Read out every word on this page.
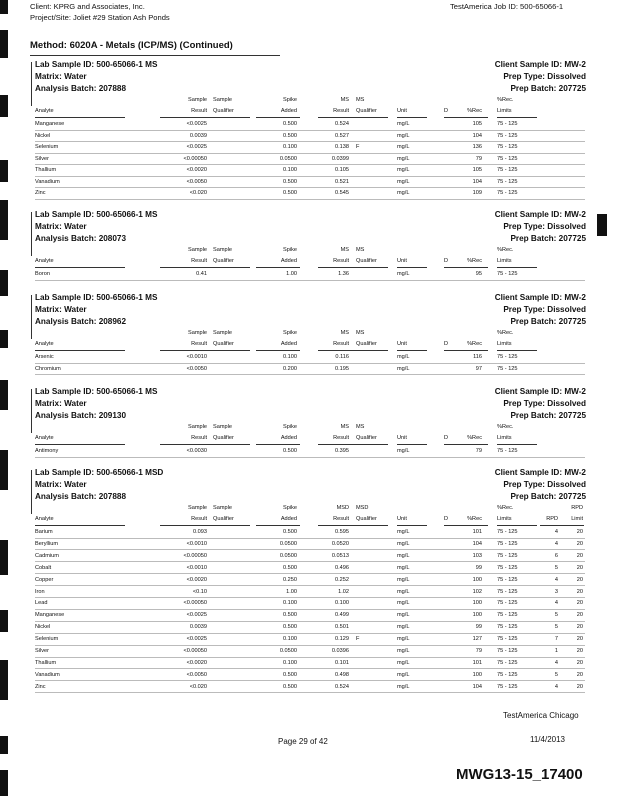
Client: KPRG and Associates, Inc.
Project/Site: Joliet #29 Station Ash Ponds
TestAmerica Job ID: 500-65066-1
Method: 6020A - Metals (ICP/MS) (Continued)
Lab Sample ID: 500-65066-1 MS
Matrix: Water
Analysis Batch: 207888
Client Sample ID: MW-2
Prep Type: Dissolved
Prep Batch: 207725
Sample Sample	Spike	MS MS	%Rec.
Analyte	Result Qualifier	Added	Result Qualifier	Unit	D	%Rec	Limits
Manganese	<0.0025	0.500	0.524	mg/L	105	75 - 125
Nickel	0.0039	0.500	0.527	mg/L	104	75 - 125
Selenium	<0.0025	0.100	0.138 F	mg/L	136	75 - 125
Silver	<0.00050	0.0500	0.0399	mg/L	79	75 - 125
Thallium	<0.0020	0.100	0.105	mg/L	105	75 - 125
Vanadium	<0.0050	0.500	0.521	mg/L	104	75 - 125
Zinc	<0.020	0.500	0.545	mg/L	109	75 - 125
Lab Sample ID: 500-65066-1 MS
Matrix: Water
Analysis Batch: 208073
Client Sample ID: MW-2
Prep Type: Dissolved
Prep Batch: 207725
Sample Sample	Spike	MS MS	%Rec.
Analyte	Result Qualifier	Added	Result Qualifier	Unit	D	%Rec	Limits
Boron	0.41	1.00	1.36	mg/L	95	75 - 125
Lab Sample ID: 500-65066-1 MS
Matrix: Water
Analysis Batch: 208962
Client Sample ID: MW-2
Prep Type: Dissolved
Prep Batch: 207725
Sample Sample	Spike	MS MS	%Rec.
Analyte	Result Qualifier	Added	Result Qualifier	Unit	D	%Rec	Limits
Arsenic	<0.0010	0.100	0.116	mg/L	116	75 - 125
Chromium	<0.0050	0.200	0.195	mg/L	97	75 - 125
Lab Sample ID: 500-65066-1 MS
Matrix: Water
Analysis Batch: 209130
Client Sample ID: MW-2
Prep Type: Dissolved
Prep Batch: 207725
Sample Sample	Spike	MS MS	%Rec.
Analyte	Result Qualifier	Added	Result Qualifier	Unit	D	%Rec	Limits
Antimony	<0.0030	0.500	0.395	mg/L	79	75 - 125
Lab Sample ID: 500-65066-1 MSD
Matrix: Water
Analysis Batch: 207888
Client Sample ID: MW-2
Prep Type: Dissolved
Prep Batch: 207725
Sample Sample	Spike	MSD MSD	%Rec.	RPD
Analyte	Result Qualifier	Added	Result Qualifier	Unit	D	%Rec	Limits	RPD	Limit
Barium	0.093	0.500	0.595	mg/L	101	75 - 125	4	20
Beryllium	<0.0010	0.0500	0.0520	mg/L	104	75 - 125	4	20
Cadmium	<0.00050	0.0500	0.0513	mg/L	103	75 - 125	6	20
Cobalt	<0.0010	0.500	0.496	mg/L	99	75 - 125	5	20
Copper	<0.0020	0.250	0.252	mg/L	100	75 - 125	4	20
Iron	<0.10	1.00	1.02	mg/L	102	75 - 125	3	20
Lead	<0.00050	0.100	0.100	mg/L	100	75 - 125	4	20
Manganese	<0.0025	0.500	0.499	mg/L	100	75 - 125	5	20
Nickel	0.0039	0.500	0.501	mg/L	99	75 - 125	5	20
Selenium	<0.0025	0.100	0.129 F	mg/L	127	75 - 125	7	20
Silver	<0.00050	0.0500	0.0396	mg/L	79	75 - 125	1	20
Thallium	<0.0020	0.100	0.101	mg/L	101	75 - 125	4	20
Vanadium	<0.0050	0.500	0.498	mg/L	100	75 - 125	5	20
Zinc	<0.020	0.500	0.524	mg/L	104	75 - 125	4	20
TestAmerica Chicago
Page 29 of 42	11/4/2013
MWG13-15_17400
